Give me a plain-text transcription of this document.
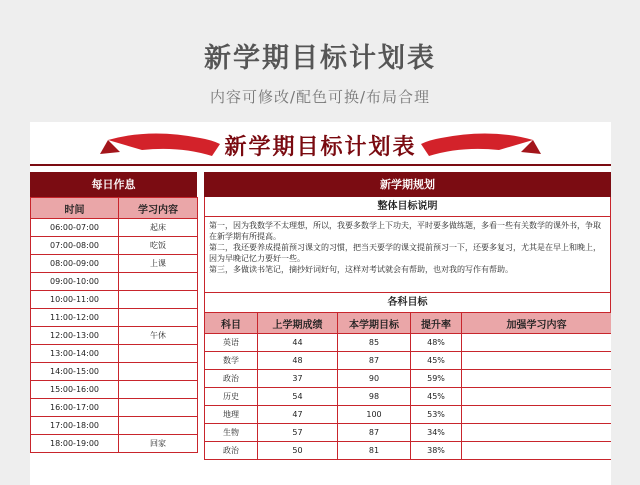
新学期目标计划表
内容可修改/配色可换/布局合理
新学期目标计划表
每日作息
时间	学习内容
06:00-07:00	起床
07:00-08:00	吃饭
08:00-09:00	上课
09:00-10:00	
10:00-11:00	
11:00-12:00	
12:00-13:00	午休
13:00-14:00	
14:00-15:00	
15:00-16:00	
16:00-17:00	
17:00-18:00	
18:00-19:00	回家
新学期规划
整体目标说明

第一，因为我数学不太理想，所以，我要多数学上下功夫，平时要多做练题，多看一些有关数学的课外书，争取在新学期有所提高。

第二，我还要养成提前预习课文的习惯，把当天要学的课文提前预习一下，还要多复习，尤其是在早上和晚上，因为早晚记忆力要好一些。

第三，多做读书笔记，摘抄好词好句，这样对考试就会有帮助，也对我的写作有帮助。

各科目标
科目	上学期成绩	本学期目标	提升率	加强学习内容
英语	44	85	48%	
数学	48	87	45%	
政治	37	90	59%	
历史	54	98	45%	
地理	47	100	53%	
生物	57	87	34%	
政治	50	81	38%	
